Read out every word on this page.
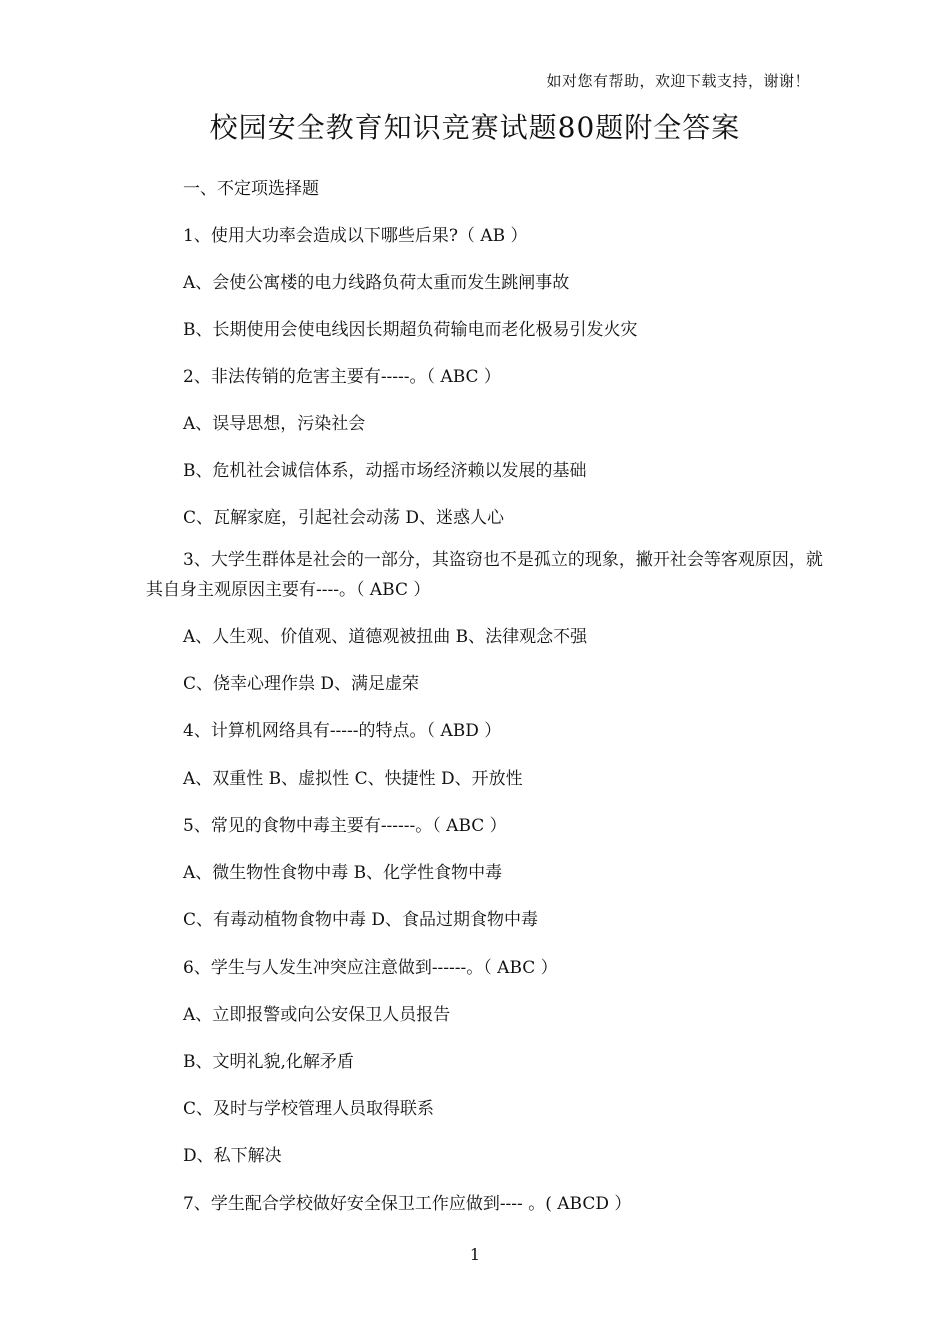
如对您有帮助，欢迎下载支持，谢谢！
校园安全教育知识竞赛试题80题附全答案
一、不定项选择题
1、使用大功率会造成以下哪些后果?（ AB ）
A、会使公寓楼的电力线路负荷太重而发生跳闸事故
B、长期使用会使电线因长期超负荷输电而老化极易引发火灾
2、非法传销的危害主要有-----。（ ABC ）
A、误导思想，污染社会
B、危机社会诚信体系，动摇市场经济赖以发展的基础
C、瓦解家庭，引起社会动荡 D、迷惑人心
3、大学生群体是社会的一部分，其盗窃也不是孤立的现象，撇开社会等客观原因，就其自身主观原因主要有----。（ ABC ）
A、人生观、价值观、道德观被扭曲 B、法律观念不强
C、侥幸心理作祟 D、满足虚荣
4、计算机网络具有-----的特点。（ ABD ）
A、双重性 B、虚拟性 C、快捷性 D、开放性
5、常见的食物中毒主要有------。（ ABC ）
A、微生物性食物中毒 B、化学性食物中毒
C、有毒动植物食物中毒 D、食品过期食物中毒
6、学生与人发生冲突应注意做到------。（ ABC ）
A、立即报警或向公安保卫人员报告
B、文明礼貌,化解矛盾
C、及时与学校管理人员取得联系
D、私下解决
7、学生配合学校做好安全保卫工作应做到---- 。( ABCD ）
1
